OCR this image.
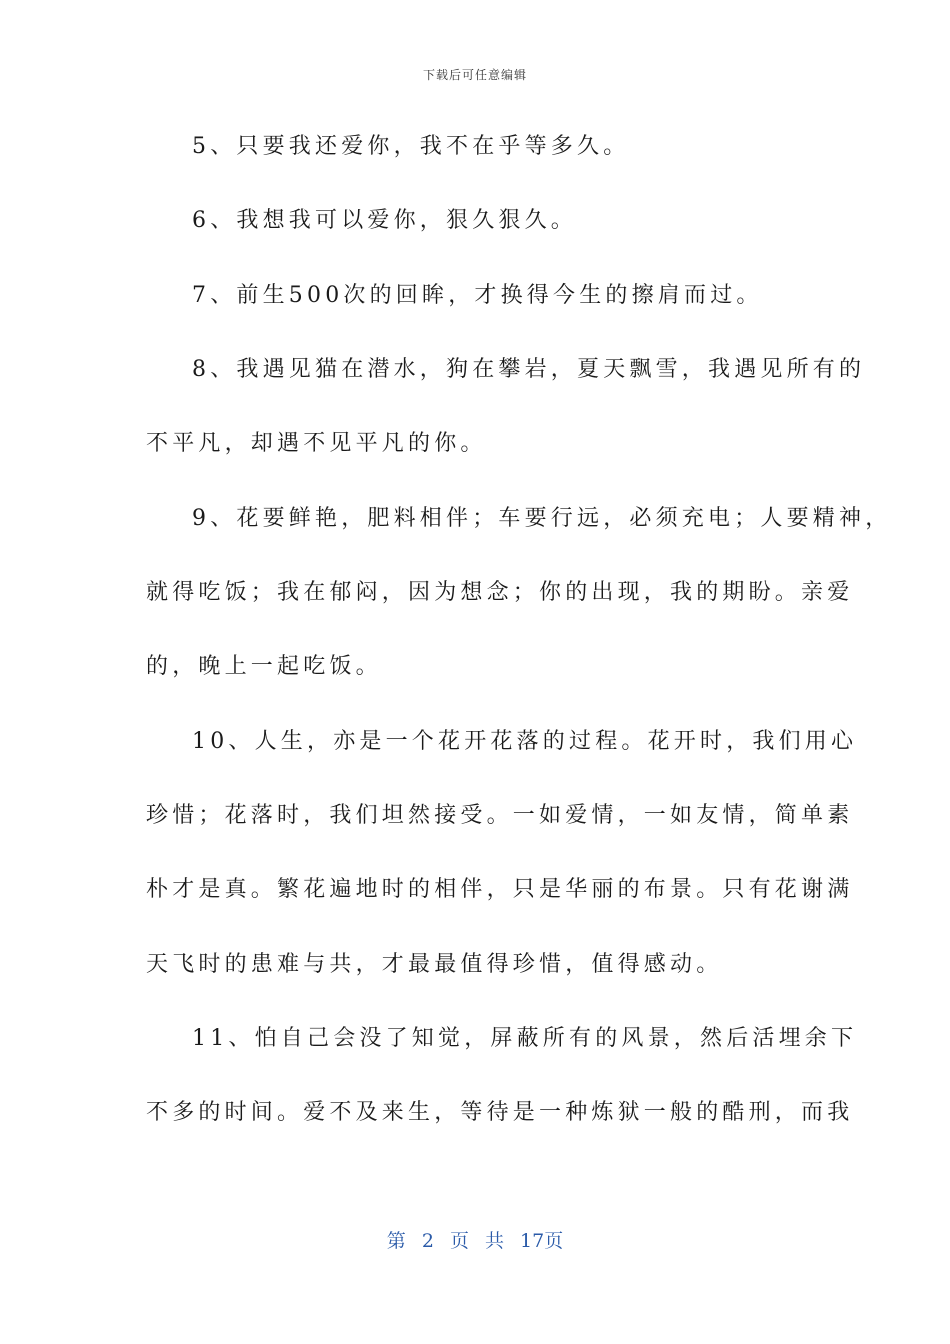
下载后可任意编辑
5、只要我还爱你，我不在乎等多久。
6、我想我可以爱你，狠久狠久。
7、前生500次的回眸，才换得今生的擦肩而过。
8、我遇见猫在潜水，狗在攀岩，夏天飘雪，我遇见所有的
不平凡，却遇不见平凡的你。
9、花要鲜艳，肥料相伴；车要行远，必须充电；人要精神，
就得吃饭；我在郁闷，因为想念；你的出现，我的期盼。亲爱
的，晚上一起吃饭。
10、人生，亦是一个花开花落的过程。花开时，我们用心
珍惜；花落时，我们坦然接受。一如爱情，一如友情，简单素
朴才是真。繁花遍地时的相伴，只是华丽的布景。只有花谢满
天飞时的患难与共，才最最值得珍惜，值得感动。
11、怕自己会没了知觉，屏蔽所有的风景，然后活埋余下
不多的时间。爱不及来生，等待是一种炼狱一般的酷刑，而我
第 2 页 共 17页
